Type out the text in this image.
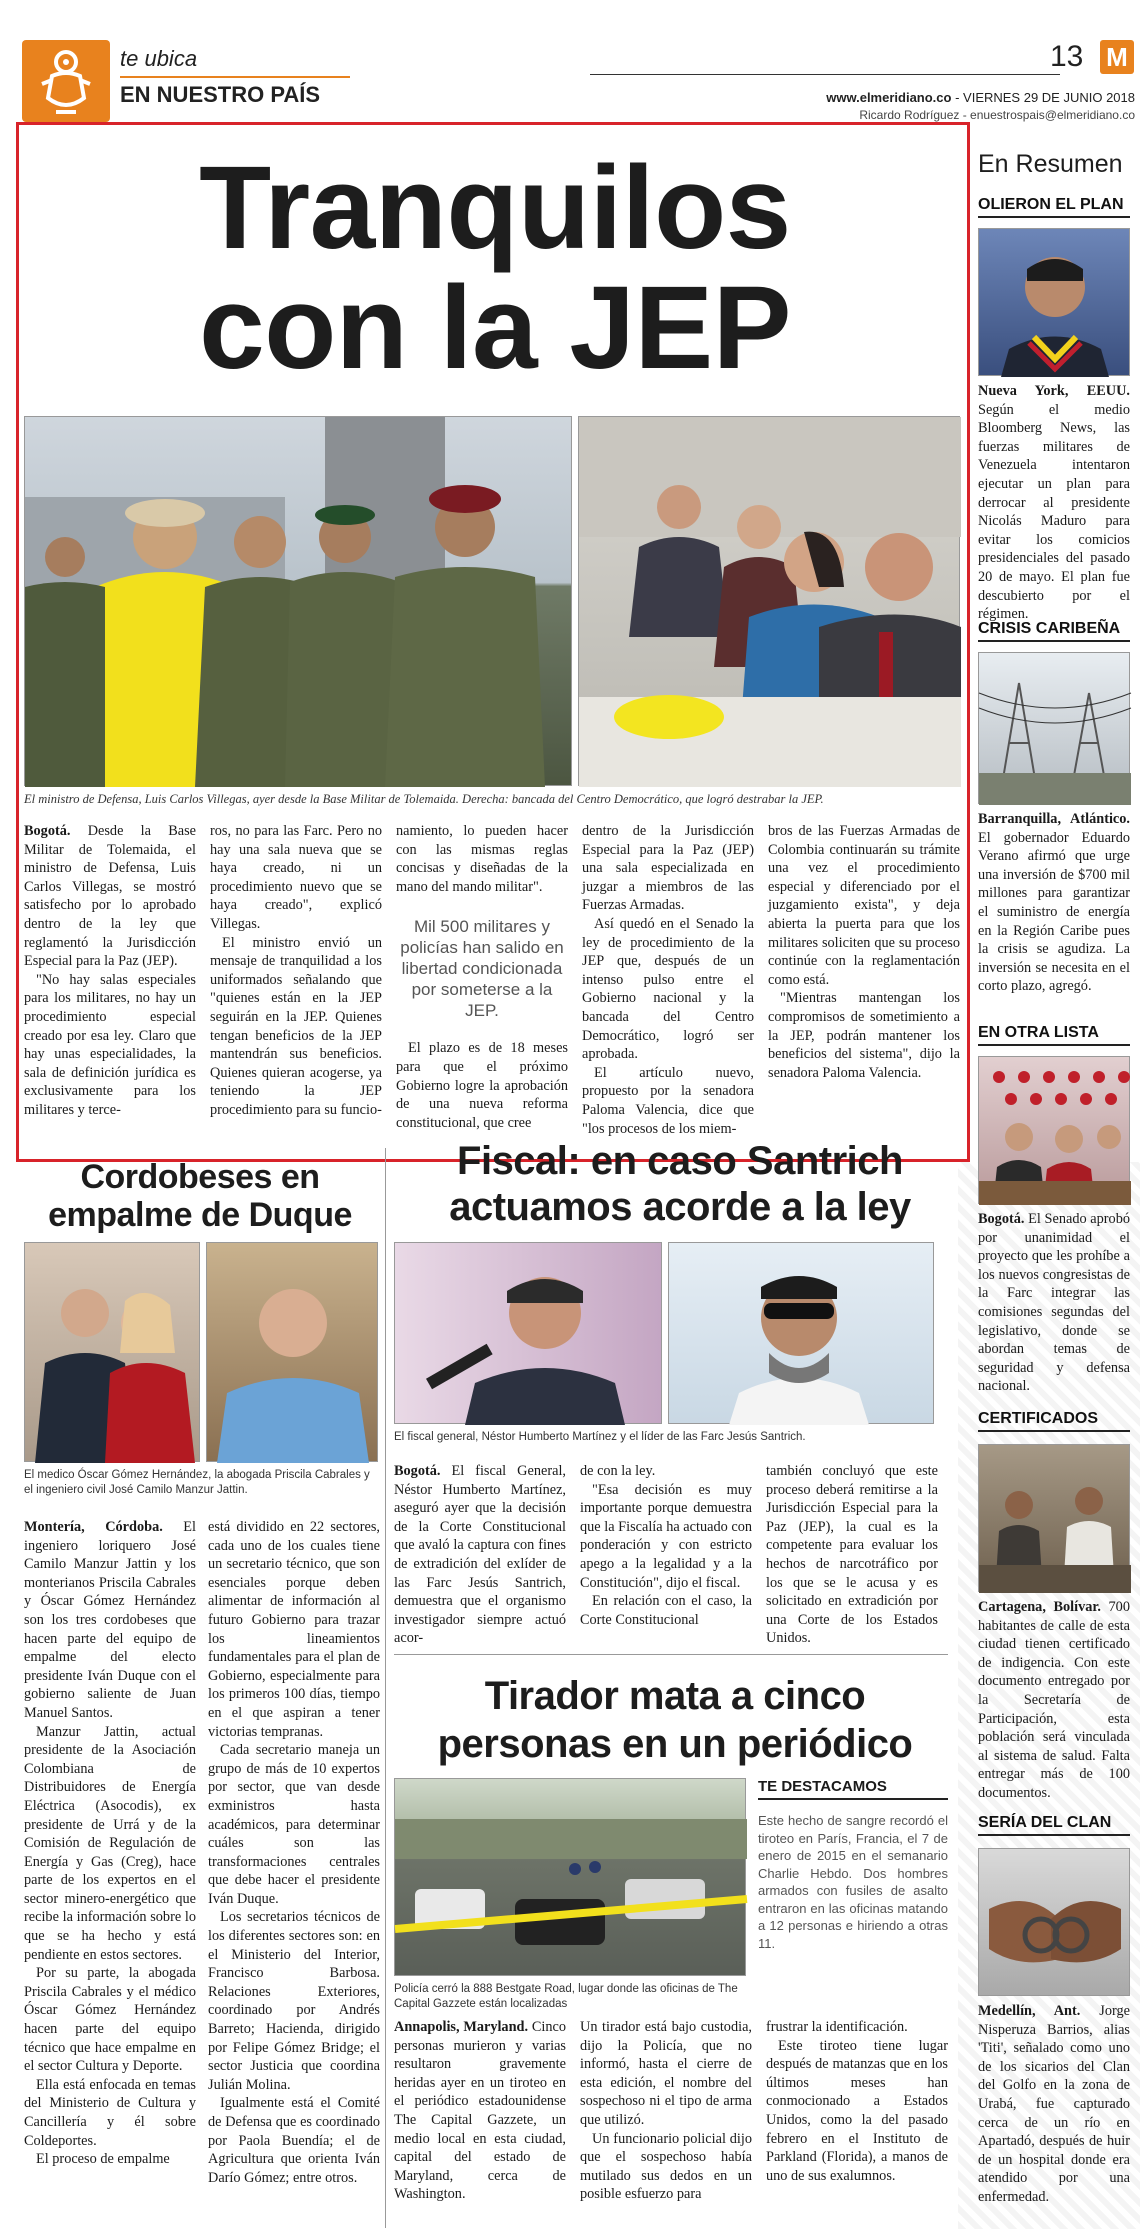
te ubica
EN NUESTRO PAÍS
13 M
www.elmeridiano.co - VIERNES 29 DE JUNIO 2018
Ricardo Rodríguez - enuestrospais@elmeridiano.co
Tranquilos
con la JEP
El ministro de Defensa, Luis Carlos Villegas, ayer desde la Base Militar de Tolemaida. Derecha: bancada del Centro Democrático, que logró destrabar la JEP.

Bogotá. Desde la Base Militar de Tolemaida, el ministro de Defensa, Luis Carlos Villegas, se mostró satisfecho por lo aprobado dentro de la ley que reglamentó la Jurisdicción Especial para la Paz (JEP).

"No hay salas especiales para los militares, no hay un procedimiento especial creado por esa ley. Claro que hay unas especialidades, la sala de definición jurídica es exclusivamente para los militares y terce-

ros, no para las Farc. Pero no hay una sala nueva que se haya creado, ni un procedimiento nuevo que se haya creado", explicó Villegas.

El ministro envió un mensaje de tranquilidad a los uniformados señalando que "quienes están en la JEP seguirán en la JEP. Quienes tengan beneficios de la JEP mantendrán sus beneficios. Quienes quieran acogerse, ya teniendo la JEP procedimiento para su funcio-

namiento, lo pueden hacer con las mismas reglas concisas y diseñadas de la mano del mando militar".

Mil 500 militares y policías han salido en libertad condicionada por someterse a la JEP.

El plazo es de 18 meses para que el próximo Gobierno logre la aprobación de una nueva reforma constitucional, que cree

dentro de la Jurisdicción Especial para la Paz (JEP) una sala especializada en juzgar a miembros de las Fuerzas Armadas.

Así quedó en el Senado la ley de procedimiento de la JEP que, después de un intenso pulso entre el Gobierno nacional y la bancada del Centro Democrático, logró ser aprobada.

El artículo nuevo, propuesto por la senadora Paloma Valencia, dice que "los procesos de los miem-

bros de las Fuerzas Armadas de Colombia continuarán su trámite una vez el procedimiento especial y diferenciado por el juzgamiento exista", y deja abierta la puerta para que los militares soliciten que su proceso continúe con la reglamentación como está.

"Mientras mantengan los compromisos de sometimiento a la JEP, podrán mantener los beneficios del sistema", dijo la senadora Paloma Valencia.

Cordobeses en
empalme de Duque
El medico Óscar Gómez Hernández, la abogada Priscila Cabrales y el ingeniero civil José Camilo Manzur Jattin.

Montería, Córdoba. El ingeniero loriquero José Camilo Manzur Jattin y los monterianos Priscila Cabrales y Óscar Gómez Hernández son los tres cordobeses que hacen parte del equipo de empalme del electo presidente Iván Duque con el gobierno saliente de Juan Manuel Santos.

Manzur Jattin, actual presidente de la Asociación Colombiana de Distribuidores de Energía Eléctrica (Asocodis), ex presidente de Urrá y de la Comisión de Regulación de Energía y Gas (Creg), hace parte de los expertos en el sector minero-energético que recibe la información sobre lo que se ha hecho y está pendiente en estos sectores.

Por su parte, la abogada Priscila Cabrales y el médico Óscar Gómez Hernández hacen parte del equipo técnico que hace empalme en el sector Cultura y Deporte.

Ella está enfocada en temas del Ministerio de Cultura y Cancillería y él sobre Coldeportes.

El proceso de empalme

está dividido en 22 sectores, cada uno de los cuales tiene un secretario técnico, que son esenciales porque deben alimentar de información al futuro Gobierno para trazar los lineamientos fundamentales para el plan de Gobierno, especialmente para los primeros 100 días, tiempo en el que aspiran a tener victorias tempranas.

Cada secretario maneja un grupo de más de 10 expertos por sector, que van desde exministros hasta académicos, para determinar cuáles son las transformaciones centrales que debe hacer el presidente Iván Duque.

Los secretarios técnicos de los diferentes sectores son: en el Ministerio del Interior, Francisco Barbosa. Relaciones Exteriores, coordinado por Andrés Barreto; Hacienda, dirigido por Felipe Gómez Bridge; el sector Justicia que coordina Julián Molina.

Igualmente está el Comité de Defensa que es coordinado por Paola Buendía; el de Agricultura que orienta Iván Darío Gómez; entre otros.

Fiscal: en caso Santrich
actuamos acorde a la ley
El fiscal general, Néstor Humberto Martínez y el líder de las Farc Jesús Santrich.

Bogotá. El fiscal General, Néstor Humberto Martínez, aseguró ayer que la decisión de la Corte Constitucional que avaló la captura con fines de extradición del exlíder de las Farc Jesús Santrich, demuestra que el organismo investigador siempre actuó acor-

de con la ley.

"Esa decisión es muy importante porque demuestra que la Fiscalía ha actuado con ponderación y con estricto apego a la legalidad y a la Constitución", dijo el fiscal.

En relación con el caso, la Corte Constitucional

también concluyó que este proceso deberá remitirse a la Jurisdicción Especial para la Paz (JEP), la cual es la competente para evaluar los hechos de narcotráfico por los que se le acusa y es solicitado en extradición por una Corte de los Estados Unidos.

Tirador mata a cinco
personas en un periódico
Policía cerró la 888 Bestgate Road, lugar donde las oficinas de The Capital Gazzete están localizadas
TE DESTACAMOS
Este hecho de sangre recordó el tiroteo en París, Francia, el 7 de enero de 2015 en el semanario Charlie Hebdo. Dos hombres armados con fusiles de asalto entraron en las oficinas matando a 12 personas e hiriendo a otras 11.

Annapolis, Maryland. Cinco personas murieron y varias resultaron gravemente heridas ayer en un tiroteo en el periódico estadounidense The Capital Gazzete, un medio local en esta ciudad, capital del estado de Maryland, cerca de Washington.

Un tirador está bajo custodia, dijo la Policía, que no informó, hasta el cierre de esta edición, el nombre del sospechoso ni el tipo de arma que utilizó.

Un funcionario policial dijo que el sospechoso había mutilado sus dedos en un posible esfuerzo para

frustrar la identificación.

Este tiroteo tiene lugar después de matanzas que en los últimos meses han conmocionado a Estados Unidos, como la del pasado febrero en el Instituto de Parkland (Florida), a manos de uno de sus exalumnos.

En Resumen
OLIERON EL PLAN
Nueva York, EEUU. Según el medio Bloomberg News, las fuerzas militares de Venezuela intentaron ejecutar un plan para derrocar al presidente Nicolás Maduro para evitar los comicios presidenciales del pasado 20 de mayo. El plan fue descubierto por el régimen.
CRISIS CARIBEÑA
Barranquilla, Atlántico. El gobernador Eduardo Verano afirmó que urge una inversión de $700 mil millones para garantizar el suministro de energía en la Región Caribe pues la crisis se agudiza. La inversión se necesita en el corto plazo, agregó.
EN OTRA LISTA
Bogotá. El Senado aprobó por unanimidad el proyecto que les prohíbe a los nuevos congresistas de la Farc integrar las comisiones segundas del legislativo, donde se abordan temas de seguridad y defensa nacional.
CERTIFICADOS
Cartagena, Bolívar. 700 habitantes de calle de esta ciudad tienen certificado de indigencia. Con este documento entregado por la Secretaría de Participación, esta población será vinculada al sistema de salud. Falta entregar más de 100 documentos.
SERÍA DEL CLAN
Medellín, Ant. Jorge Nisperuza Barrios, alias 'Titi', señalado como uno de los sicarios del Clan del Golfo en la zona de Urabá, fue capturado cerca de un río en Apartadó, después de huir de un hospital donde era atendido por una enfermedad.
